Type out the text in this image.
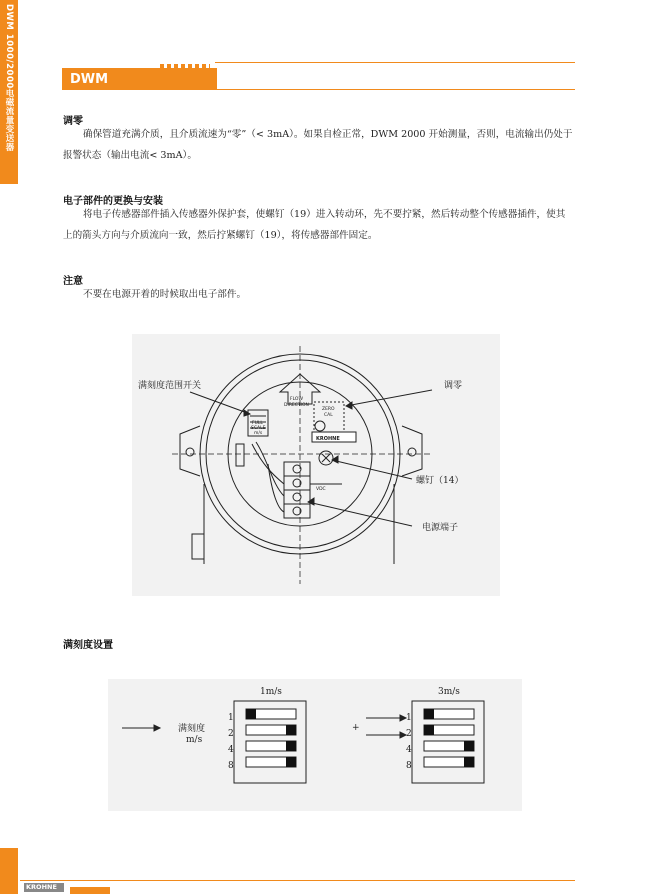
DWM 1000/2000电磁流量变送器	DWM
调零
确保管道充满介质，且介质流速为“零”（< 3mA）。如果自检正常，DWM 2000 开始测量，否则，电流输出仍处于报警状态（输出电流< 3mA）。
电子部件的更换与安装
将电子传感器部件插入传感器外保护套，使螺钉（19）进入转动环，先不要拧紧，然后转动整个传感器插件，使其上的箭头方向与介质流向一致，然后拧紧螺钉（19），将传感器部件固定。
注意
不要在电源开着的时候取出电子部件。
FLOW
DIRECTION
FULL
SCALE
m/s
ZERO
CAL
KROHNE
VDC
满刻度范围开关	调零
螺钉（14）
电源端子
满刻度设置
满刻度
m/s
1m/s	3m/s
+
1
2
4
8
1
2
4
8
KROHNE
